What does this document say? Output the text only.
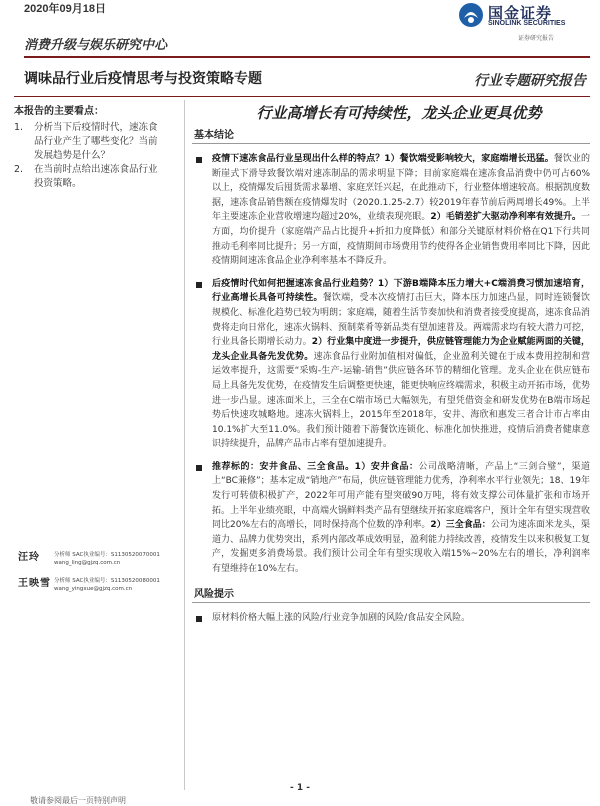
2020年09月18日	国金证券
SINOLINK SECURITIES
证券研究报告
消费升级与娱乐研究中心
调味品行业后疫情思考与投资策略专题	行业专题研究报告
本报告的主要看点：
1.	分析当下后疫情时代，速冻食品行业产生了哪些变化？当前发展趋势是什么？
2.	在当前时点给出速冻食品行业投资策略。
汪玲	分析师 SAC执业编号：S1130520070001
wang_ling@gjzq.com.cn
王映雪 分析师 SAC执业编号：S1130520080001
wang_yingxue@gjzq.com.cn
行业高增长有可持续性，龙头企业更具优势
基本结论
疫情下速冻食品行业呈现出什么样的特点？1）餐饮端受影响较大，家庭端增长迅猛。餐饮业的断崖式下滑导致餐饮端对速冻制品的需求明显下降；目前家庭端在速冻食品消费中仍可占60%以上，疫情爆发后囤货需求暴增、家庭烹饪兴起，在此推动下，行业整体增速较高。根据凯度数据，速冻食品销售额在疫情爆发时（2020.1.25-2.7）较2019年春节前后两周增长49%。上半年主要速冻企业营收增速均超过20%，业绩表现亮眼。2）毛销差扩大驱动净利率有效提升。一方面，均价提升（家庭端产品占比提升+折扣力度降低）和部分关键原材料价格在Q1下行共同推动毛利率同比提升；另一方面，疫情期间市场费用节约使得各企业销售费用率同比下降，因此疫情期间速冻食品企业净利率基本不降反升。
后疫情时代如何把握速冻食品行业趋势？1）下游B端降本压力增大+C端消费习惯加速培育，行业高增长具备可持续性。餐饮端，受本次疫情打击巨大，降本压力加速凸显，同时连锁餐饮规模化、标准化趋势已较为明朗；家庭端，随着生活节奏加快和消费者接受度提高，速冻食品消费将走向日常化，速冻火锅料、预制菜肴等新品类有望加速普及。两端需求均有较大潜力可挖，行业具备长期增长动力。2）行业集中度进一步提升，供应链管理能力为企业赋能两面的关键，龙头企业具备先发优势。速冻食品行业附加值相对偏低，企业盈利关键在于成本费用控制和营运效率提升，这需要“采购-生产-运输-销售”供应链各环节的精细化管理。龙头企业在供应链布局上具备先发优势，在疫情发生后调整更快速，能更快响应终端需求，积极主动开拓市场，优势进一步凸显。速冻面米上，三全在C端市场已大幅领先，有望凭借资金和研发优势在B端市场起势后快速攻城略地。速冻火锅料上，2015年至2018年，安井、海欣和惠发三者合计市占率由10.1%扩大至11.0%。我们预计随着下游餐饮连锁化、标准化加快推进，疫情后消费者健康意识持续提升，品牌产品市占率有望加速提升。
推荐标的：安井食品、三全食品。1）安井食品：公司战略清晰，产品上“三剑合璧”，渠道上“BC兼修”；基本定成“销地产”布局，供应链管理能力优秀，净利率水平行业领先；18、19年发行可转债积极扩产，2022年可用产能有望突破90万吨，将有效支撑公司体量扩张和市场开拓。上半年业绩亮眼，中高端火锅鲜料类产品有望继续开拓家庭端客户，预计全年有望实现营收同比20%左右的高增长，同时保持高个位数的净利率。2）三全食品：公司为速冻面米龙头，渠道力、品牌力优势突出，系列内部改革成效明显，盈利能力持续改善，疫情发生以来积极复工复产，发掘更多消费场景。我们预计公司全年有望实现收入端15%~20%左右的增长，净利润率有望维持在10%左右。
风险提示
原材料价格大幅上涨的风险/行业竞争加剧的风险/食品安全风险。
- 1 -
敬请参阅最后一页特别声明
